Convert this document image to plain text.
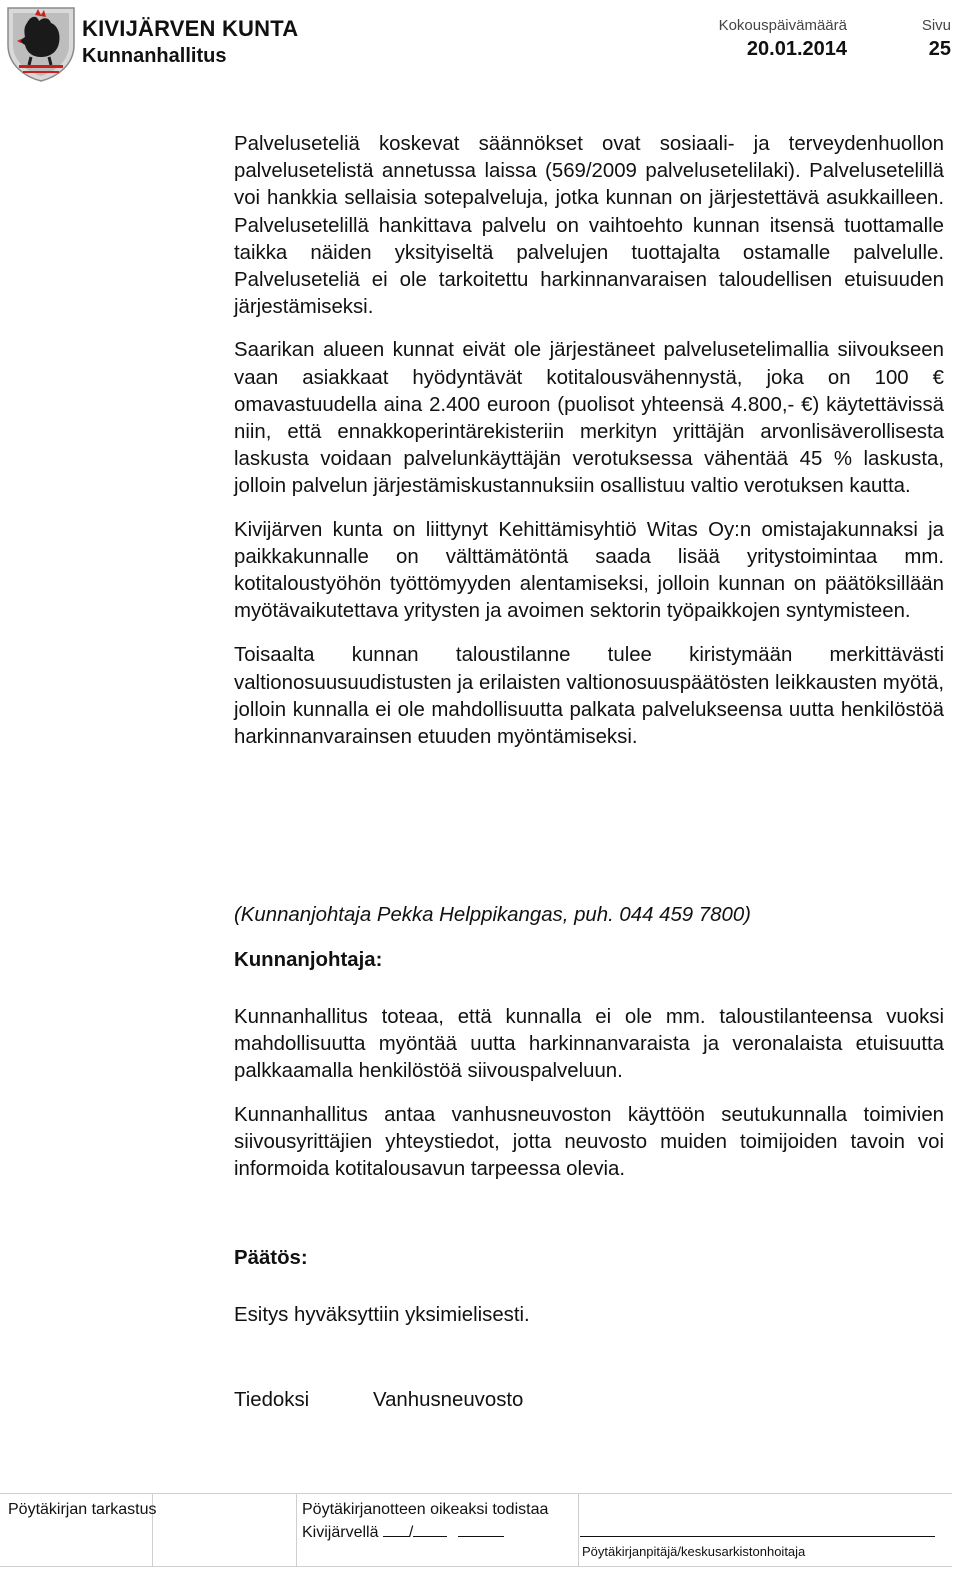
KIVIJÄRVEN KUNTA
Kunnanhallitus
Kokouspäivämäärä
20.01.2014
Sivu
25

Palveluseteliä koskevat säännökset ovat sosiaali- ja terveydenhuollon palvelusetelistä annetussa laissa (569/2009 palvelusetelilaki). Palvelusetelillä voi hankkia sellaisia sotepalveluja, jotka kunnan on järjestettävä asukkailleen. Palvelusetelillä hankittava palvelu on vaihtoehto kunnan itsensä tuottamalle taikka näiden yksityiseltä palvelujen tuottajalta ostamalle palvelulle. Palveluseteliä ei ole tarkoitettu harkinnanvaraisen taloudellisen etuisuuden järjestämiseksi.

Saarikan alueen kunnat eivät ole järjestäneet palvelusetelimallia siivoukseen vaan asiakkaat hyödyntävät kotitalousvähennystä, joka on 100 € omavastuudella aina 2.400 euroon (puolisot yhteensä 4.800,- €) käytettävissä niin, että ennakkoperintärekisteriin merkityn yrittäjän arvonlisäverollisesta laskusta voidaan palvelunkäyttäjän verotuksessa vähentää 45 % laskusta, jolloin palvelun järjestämiskustannuksiin osallistuu valtio verotuksen kautta.

Kivijärven kunta on liittynyt Kehittämisyhtiö Witas Oy:n omistajakunnaksi ja paikkakunnalle on välttämätöntä saada lisää yritystoimintaa mm. kotitaloustyöhön työttömyyden alentamiseksi, jolloin kunnan on päätöksillään myötävaikutettava yritysten ja avoimen sektorin työpaikkojen syntymisteen.

Toisaalta kunnan taloustilanne tulee kiristymään merkittävästi valtionosuusuudistusten ja erilaisten valtionosuuspäätösten leikkausten myötä, jolloin kunnalla ei ole mahdollisuutta palkata palvelukseensa uutta henkilöstöä harkinnanvarainsen etuuden myöntämiseksi.

(Kunnanjohtaja Pekka Helppikangas, puh. 044 459 7800)

Kunnanjohtaja:

Kunnanhallitus toteaa, että kunnalla ei ole mm. taloustilanteensa vuoksi mahdollisuutta myöntää uutta harkinnanvaraista ja veronalaista etuisuutta palkkaamalla henkilöstöä siivouspalveluun.

Kunnanhallitus antaa vanhusneuvoston käyttöön seutukunnalla toimivien siivousyrittäjien yhteystiedot, jotta neuvosto muiden toimijoiden tavoin voi informoida kotitalousavun tarpeessa olevia.

Päätös:

Esitys hyväksyttiin yksimielisesti.

Tiedoksi	Vanhusneuvosto
Pöytäkirjan tarkastus	Pöytäkirjanotteen oikeaksi todistaa
Kivijärvellä /
Pöytäkirjanpitäjä/keskusarkistonhoitaja
